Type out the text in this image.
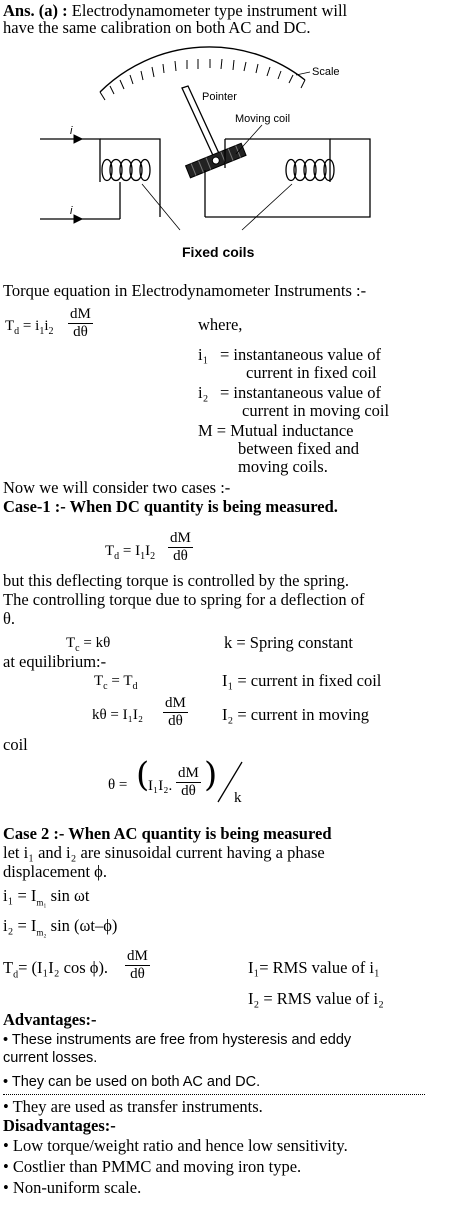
Ans. (a) : Electrodynamometer type instrument will
have the same calibration on both AC and DC.
Scale
Pointer
Moving coil
i
i
Fixed coils
Torque equation in Electrodynamometer Instruments :-
$T_d = i_1i_2 \frac{dM}{d\theta}$	where,
i₁ = instantaneous value of
current in fixed coil
i₂ = instantaneous value of
current in moving coil
M = Mutual inductance
between fixed and
moving coils.
Now we will consider two cases :-
Case-1 :- When DC quantity is being measured.
$T_d = I_1I_2 \frac{dM}{d\theta}$
but this deflecting torque is controlled by the spring.
The controlling torque due to spring for a deflection of
θ.
$T_c = k\theta$	k = Spring constant
at equilibrium:-
$T_c = T_d$	I₁ = current in fixed coil
$k\theta = I_1I_2 \frac{dM}{d\theta} I_2$ = current in moving
coil
θ = (
I₁I₂. $\frac{dM}{d\theta}$ )
k
Case 2 :- When AC quantity is being measured
let i₁ and i₂ are sinusoidal current having a phase
displacement ϕ.
$i_1 = I_{m_1}$ sin ωt
$i_2 = I_{m_2}$ sin (ωt–ϕ)
$T_d= (I_1I_2$ cos ϕ). $\frac{dM}{d\theta}$	I₁= RMS value of i₁
I₂ = RMS value of i₂
Advantages:-
• These instruments are free from hysteresis and eddy
current losses.
• They can be used on both AC and DC.
• They are used as transfer instruments.
Disadvantages:-
• Low torque/weight ratio and hence low sensitivity.
• Costlier than PMMC and moving iron type.
• Non-uniform scale.
